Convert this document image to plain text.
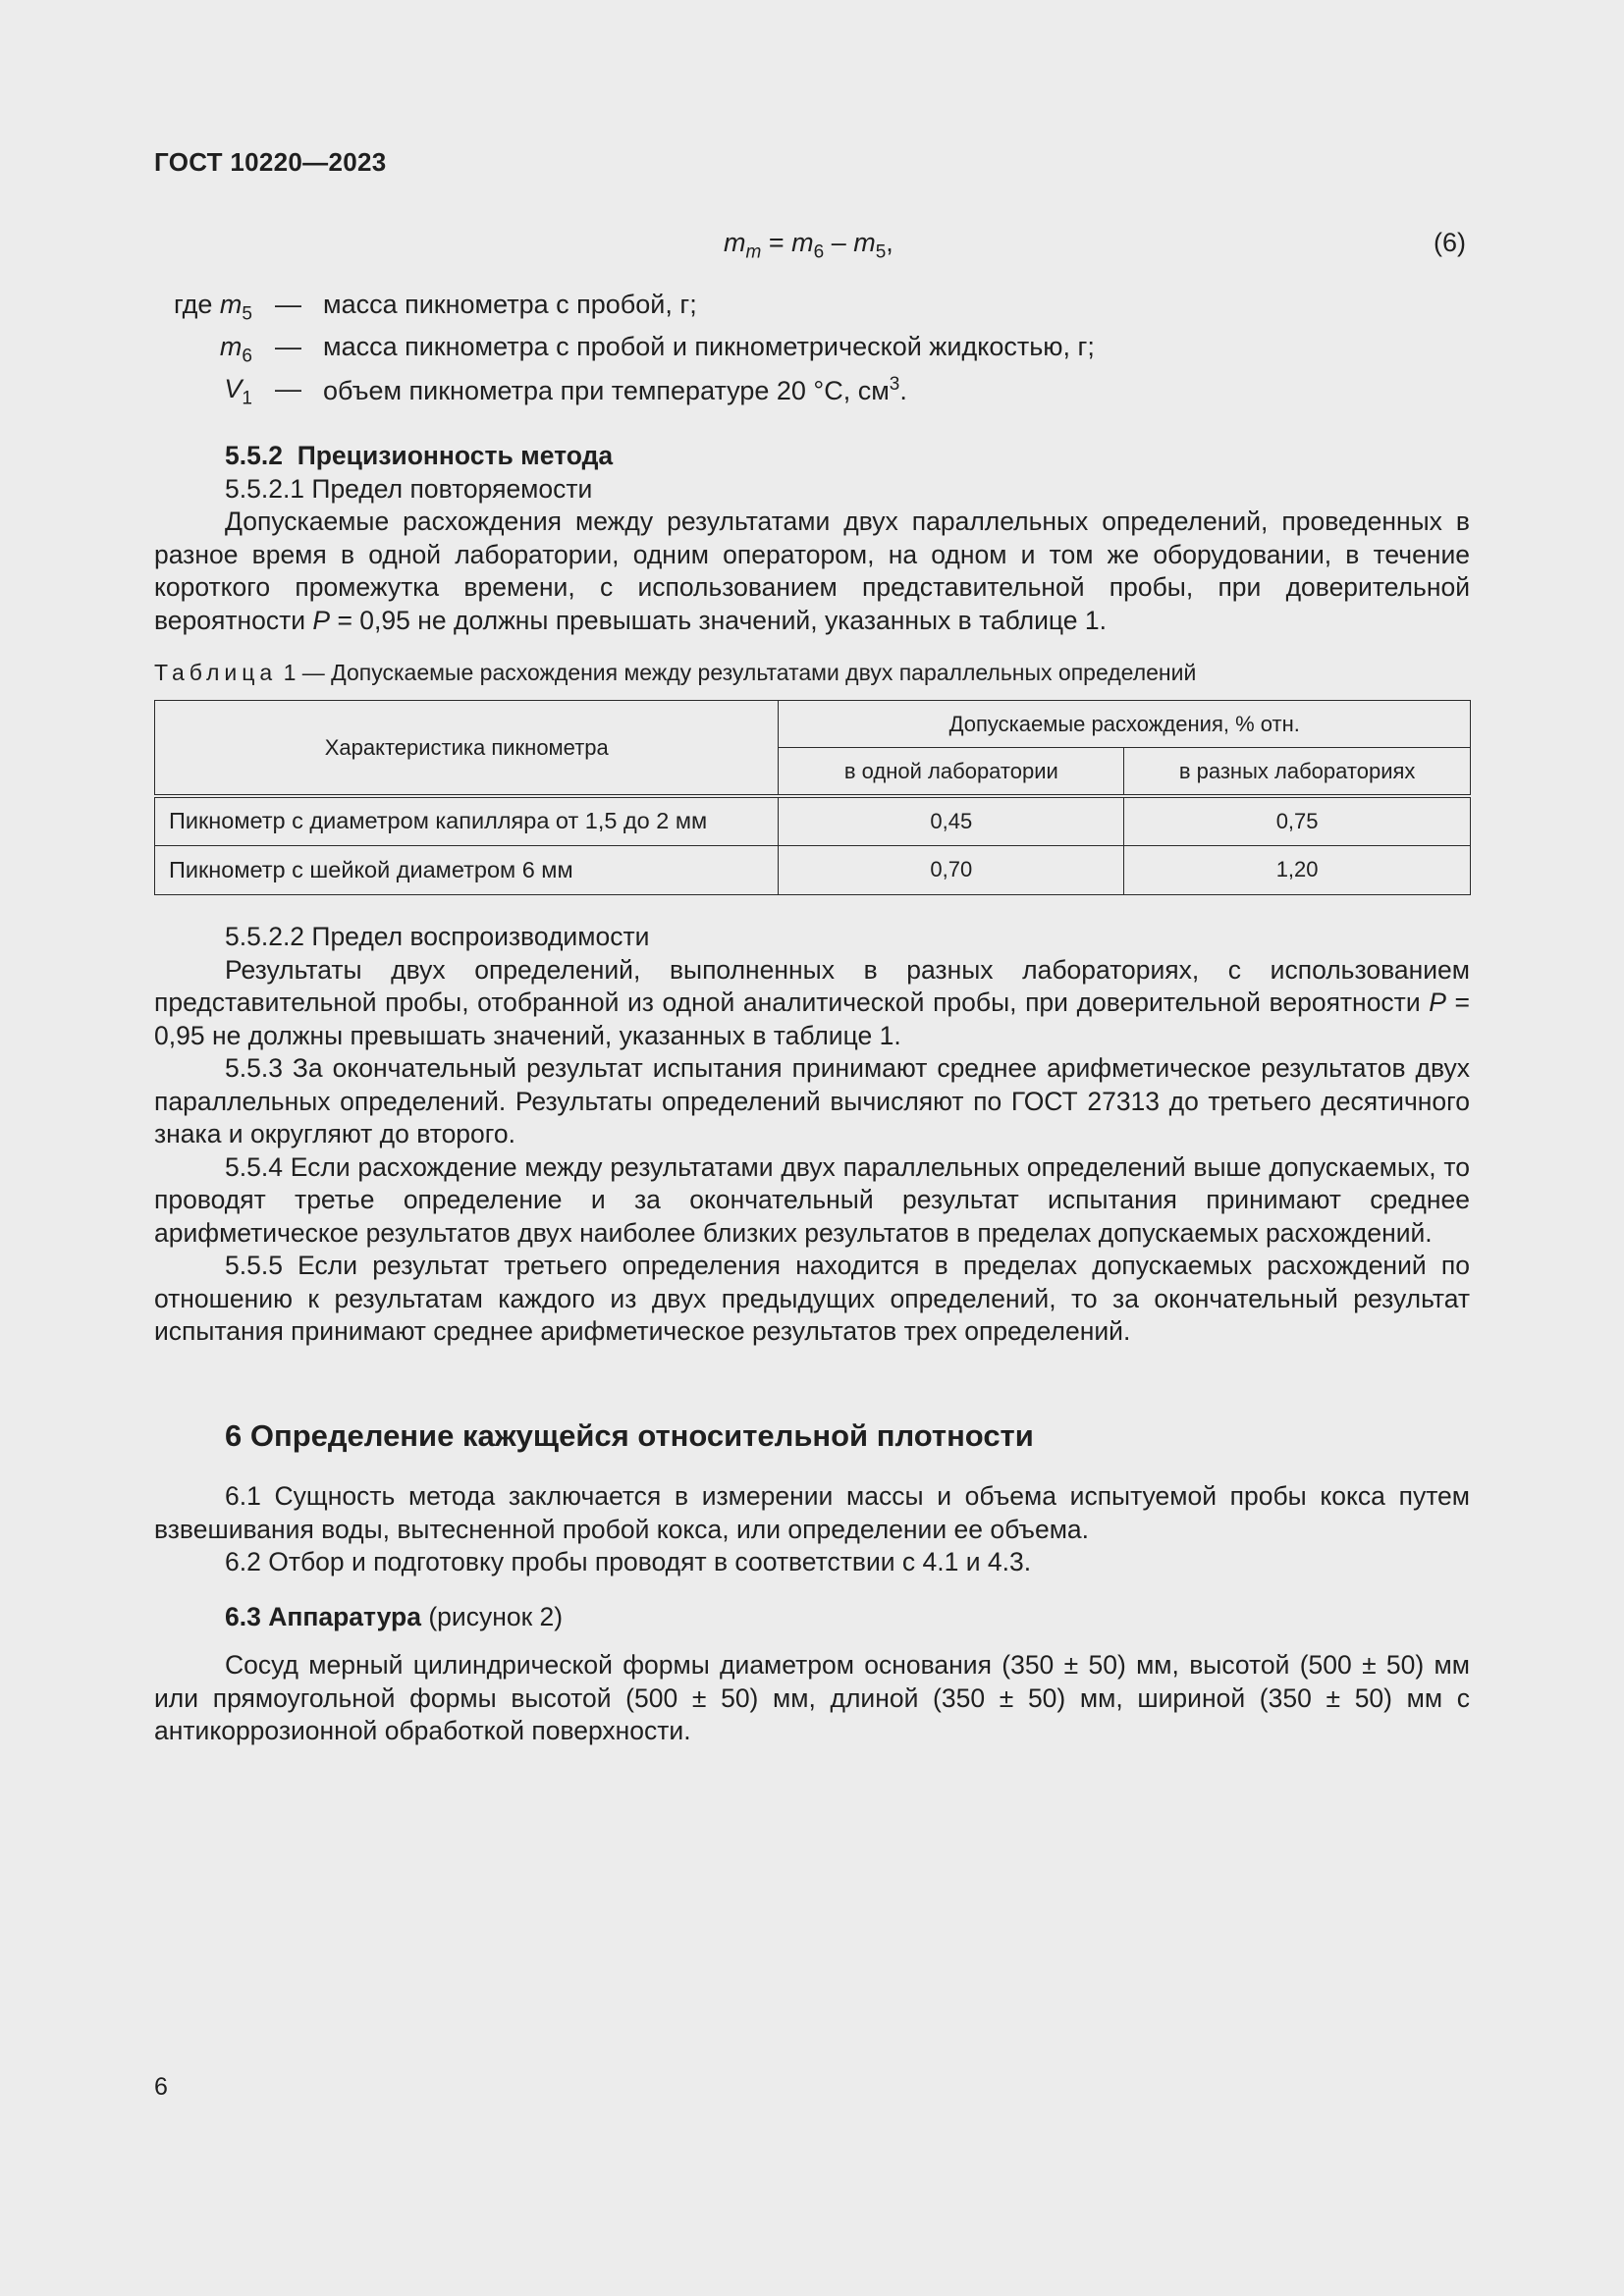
ГОСТ 10220—2023
$m_m = m_6 - m_5$,	(6)
где $m_5$ — масса пикнометра с пробой, г;
$m_6$ — масса пикнометра с пробой и пикнометрической жидкостью, г;
$V_1$ — объем пикнометра при температуре 20 °С, $см^3$.

5.5.2 Прецизионность метода

5.5.2.1 Предел повторяемости

Допускаемые расхождения между результатами двух параллельных определений, проведенных в разное время в одной лаборатории, одним оператором, на одном и том же оборудовании, в течение короткого промежутка времени, с использованием представительной пробы, при доверительной вероятности P = 0,95 не должны превышать значений, указанных в таблице 1.

Таблица 1 — Допускаемые расхождения между результатами двух параллельных определений
Характеристика пикнометра	Допускаемые расхождения, % отн.	
	в одной лаборатории	в разных лабораториях
Пикнометр с диаметром капилляра от 1,5 до 2 мм	0,45	0,75
Пикнометр с шейкой диаметром 6 мм	0,70	1,20

5.5.2.2 Предел воспроизводимости

Результаты двух определений, выполненных в разных лабораториях, с использованием представительной пробы, отобранной из одной аналитической пробы, при доверительной вероятности P = 0,95 не должны превышать значений, указанных в таблице 1.

5.5.3 За окончательный результат испытания принимают среднее арифметическое результатов двух параллельных определений. Результаты определений вычисляют по ГОСТ 27313 до третьего десятичного знака и округляют до второго.

5.5.4 Если расхождение между результатами двух параллельных определений выше допускаемых, то проводят третье определение и за окончательный результат испытания принимают среднее арифметическое результатов двух наиболее близких результатов в пределах допускаемых расхождений.

5.5.5 Если результат третьего определения находится в пределах допускаемых расхождений по отношению к результатам каждого из двух предыдущих определений, то за окончательный результат испытания принимают среднее арифметическое результатов трех определений.

6 Определение кажущейся относительной плотности

6.1 Сущность метода заключается в измерении массы и объема испытуемой пробы кокса путем взвешивания воды, вытесненной пробой кокса, или определении ее объема.

6.2 Отбор и подготовку пробы проводят в соответствии с 4.1 и 4.3.

6.3 Аппаратура (рисунок 2)

Сосуд мерный цилиндрической формы диаметром основания (350 ± 50) мм, высотой (500 ± 50) мм или прямоугольной формы высотой (500 ± 50) мм, длиной (350 ± 50) мм, шириной (350 ± 50) мм с антикоррозионной обработкой поверхности.

6
